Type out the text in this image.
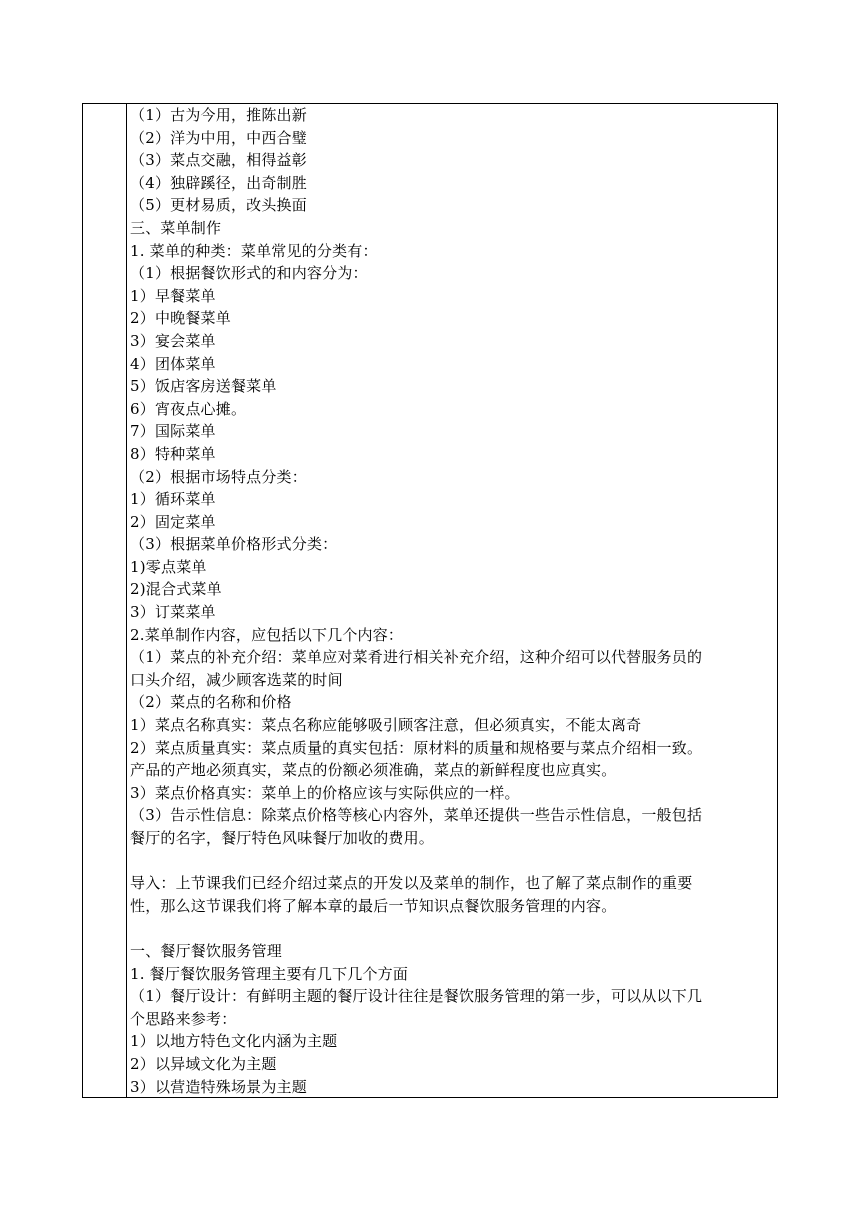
（1）古为今用，推陈出新
（2）洋为中用，中西合璧
（3）菜点交融，相得益彰
（4）独辟蹊径，出奇制胜
（5）更材易质，改头换面
三、菜单制作
1. 菜单的种类：菜单常见的分类有：
（1）根据餐饮形式的和内容分为：
1）早餐菜单
2）中晚餐菜单
3）宴会菜单
4）团体菜单
5）饭店客房送餐菜单
6）宵夜点心摊。
7）国际菜单
8）特种菜单
（2）根据市场特点分类：
1）循环菜单
2）固定菜单
（3）根据菜单价格形式分类：
1)零点菜单
2)混合式菜单
3）订菜菜单
2.菜单制作内容，应包括以下几个内容：
（1）菜点的补充介绍：菜单应对菜肴进行相关补充介绍，这种介绍可以代替服务员的
口头介绍，减少顾客选菜的时间
（2）菜点的名称和价格
1）菜点名称真实：菜点名称应能够吸引顾客注意，但必须真实，不能太离奇
2）菜点质量真实：菜点质量的真实包括：原材料的质量和规格要与菜点介绍相一致。
产品的产地必须真实，菜点的份额必须准确，菜点的新鲜程度也应真实。
3）菜点价格真实：菜单上的价格应该与实际供应的一样。
（3）告示性信息：除菜点价格等核心内容外，菜单还提供一些告示性信息，一般包括
餐厅的名字，餐厅特色风味餐厅加收的费用。
导入：上节课我们已经介绍过菜点的开发以及菜单的制作，也了解了菜点制作的重要
性，那么这节课我们将了解本章的最后一节知识点餐饮服务管理的内容。
一、餐厅餐饮服务管理
1. 餐厅餐饮服务管理主要有几下几个方面
（1）餐厅设计：有鲜明主题的餐厅设计往往是餐饮服务管理的第一步，可以从以下几
个思路来参考：
1）以地方特色文化内涵为主题
2）以异域文化为主题
3）以营造特殊场景为主题
